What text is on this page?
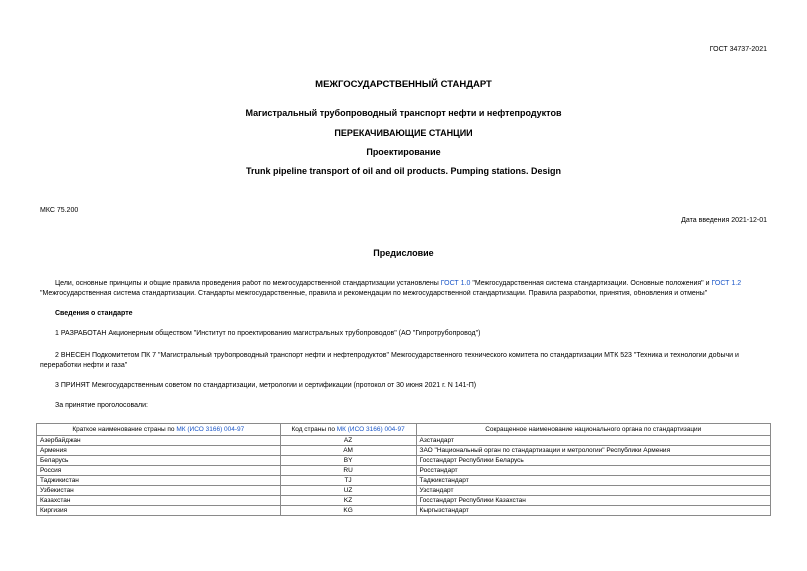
ГОСТ 34737-2021
МЕЖГОСУДАРСТВЕННЫЙ СТАНДАРТ
Магистральный трубопроводный транспорт нефти и нефтепродуктов
ПЕРЕКАЧИВАЮЩИЕ СТАНЦИИ
Проектирование
Trunk pipeline transport of oil and oil products. Pumping stations. Design
МКС 75.200
Дата введения 2021-12-01
Предисловие
Цели, основные принципы и общие правила проведения работ по межгосударственной стандартизации установлены ГОСТ 1.0 "Межгосударственная система стандартизации. Основные положения" и ГОСТ 1.2
"Межгосударственная система стандартизации. Стандарты межгосударственные, правила и рекомендации по межгосударственной стандартизации. Правила разработки, принятия, обновления и отмены"
Сведения о стандарте
1 РАЗРАБОТАН Акционерным обществом "Институт по проектированию магистральных трубопроводов" (АО "Гипротрубопровод")
2 ВНЕСЕН Подкомитетом ПК 7 "Магистральный трубопроводный транспорт нефти и нефтепродуктов" Межгосударственного технического комитета по стандартизации МТК 523 "Техника и технологии добычи и
переработки нефти и газа"
3 ПРИНЯТ Межгосударственным советом по стандартизации, метрологии и сертификации (протокол от 30 июня 2021 г. N 141-П)
За принятие проголосовали:
Краткое наименование страны по МК (ИСО 3166) 004-97	Код страны по МК (ИСО 3166) 004-97	Сокращенное наименование национального органа по стандартизации
Азербайджан	AZ	Азстандарт
Армения	AM	ЗАО "Национальный орган по стандартизации и метрологии" Республики Армения
Беларусь	BY	Госстандарт Республики Беларусь
Россия	RU	Росстандарт
Таджикистан	TJ	Таджикстандарт
Узбекистан	UZ	Узстандарт
Казахстан	KZ	Госстандарт Республики Казахстан
Киргизия	KG	Кыргызстандарт
